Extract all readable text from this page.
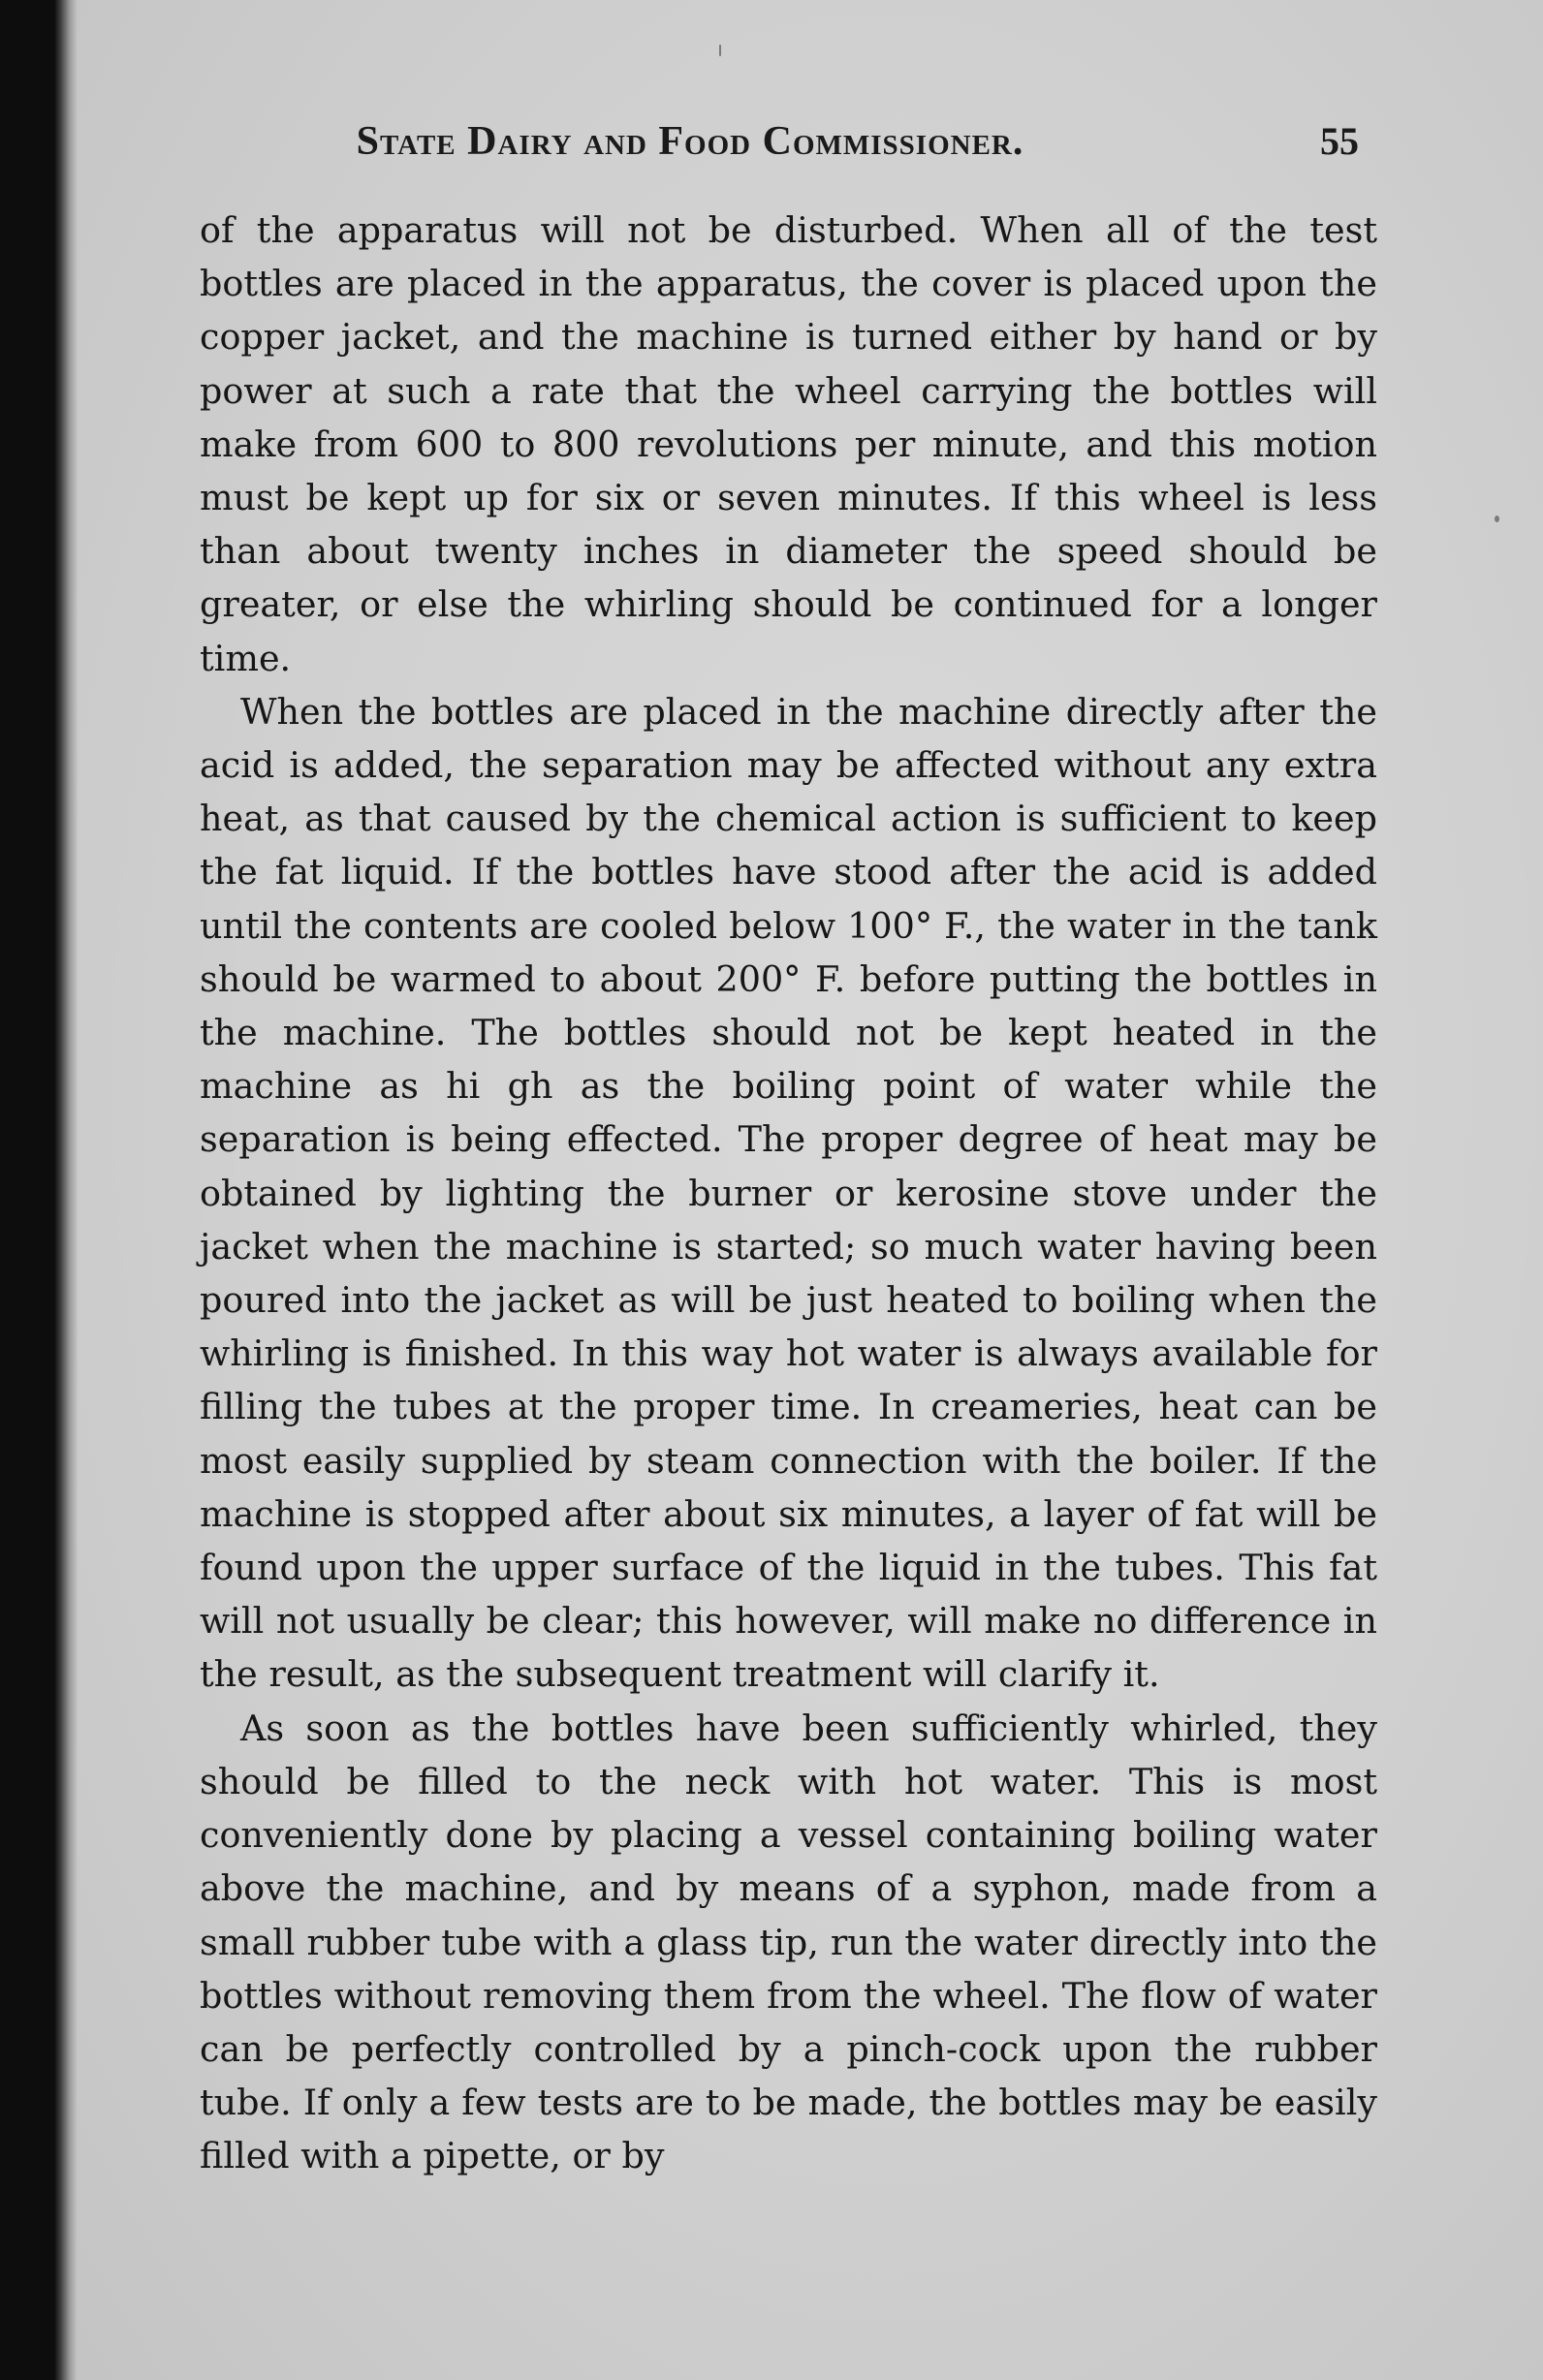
State Dairy and Food Commissioner.	55

of the apparatus will not be disturbed. When all of the test bottles are placed in the apparatus, the cover is placed upon the copper jacket, and the machine is turned either by hand or by power at such a rate that the wheel carrying the bottles will make from 600 to 800 revolutions per minute, and this motion must be kept up for six or seven minutes. If this wheel is less than about twenty inches in diameter the speed should be greater, or else the whirling should be continued for a longer time.

When the bottles are placed in the machine directly after the acid is added, the separation may be affected without any extra heat, as that caused by the chemical action is sufficient to keep the fat liquid. If the bottles have stood after the acid is added until the contents are cooled below 100° F., the water in the tank should be warmed to about 200° F. before putting the bottles in the machine. The bottles should not be kept heated in the machine as hi gh as the boiling point of water while the separation is being effected. The proper degree of heat may be obtained by lighting the burner or kerosine stove under the jacket when the machine is started; so much water having been poured into the jacket as will be just heated to boiling when the whirling is finished. In this way hot water is always available for filling the tubes at the proper time. In creameries, heat can be most easily supplied by steam connection with the boiler. If the machine is stopped after about six minutes, a layer of fat will be found upon the upper surface of the liquid in the tubes. This fat will not usually be clear; this however, will make no difference in the result, as the subsequent treatment will clarify it.

As soon as the bottles have been sufficiently whirled, they should be filled to the neck with hot water. This is most conveniently done by placing a vessel containing boiling water above the machine, and by means of a syphon, made from a small rubber tube with a glass tip, run the water directly into the bottles without removing them from the wheel. The flow of water can be perfectly controlled by a pinch-cock upon the rubber tube. If only a few tests are to be made, the bottles may be easily filled with a pipette, or by
